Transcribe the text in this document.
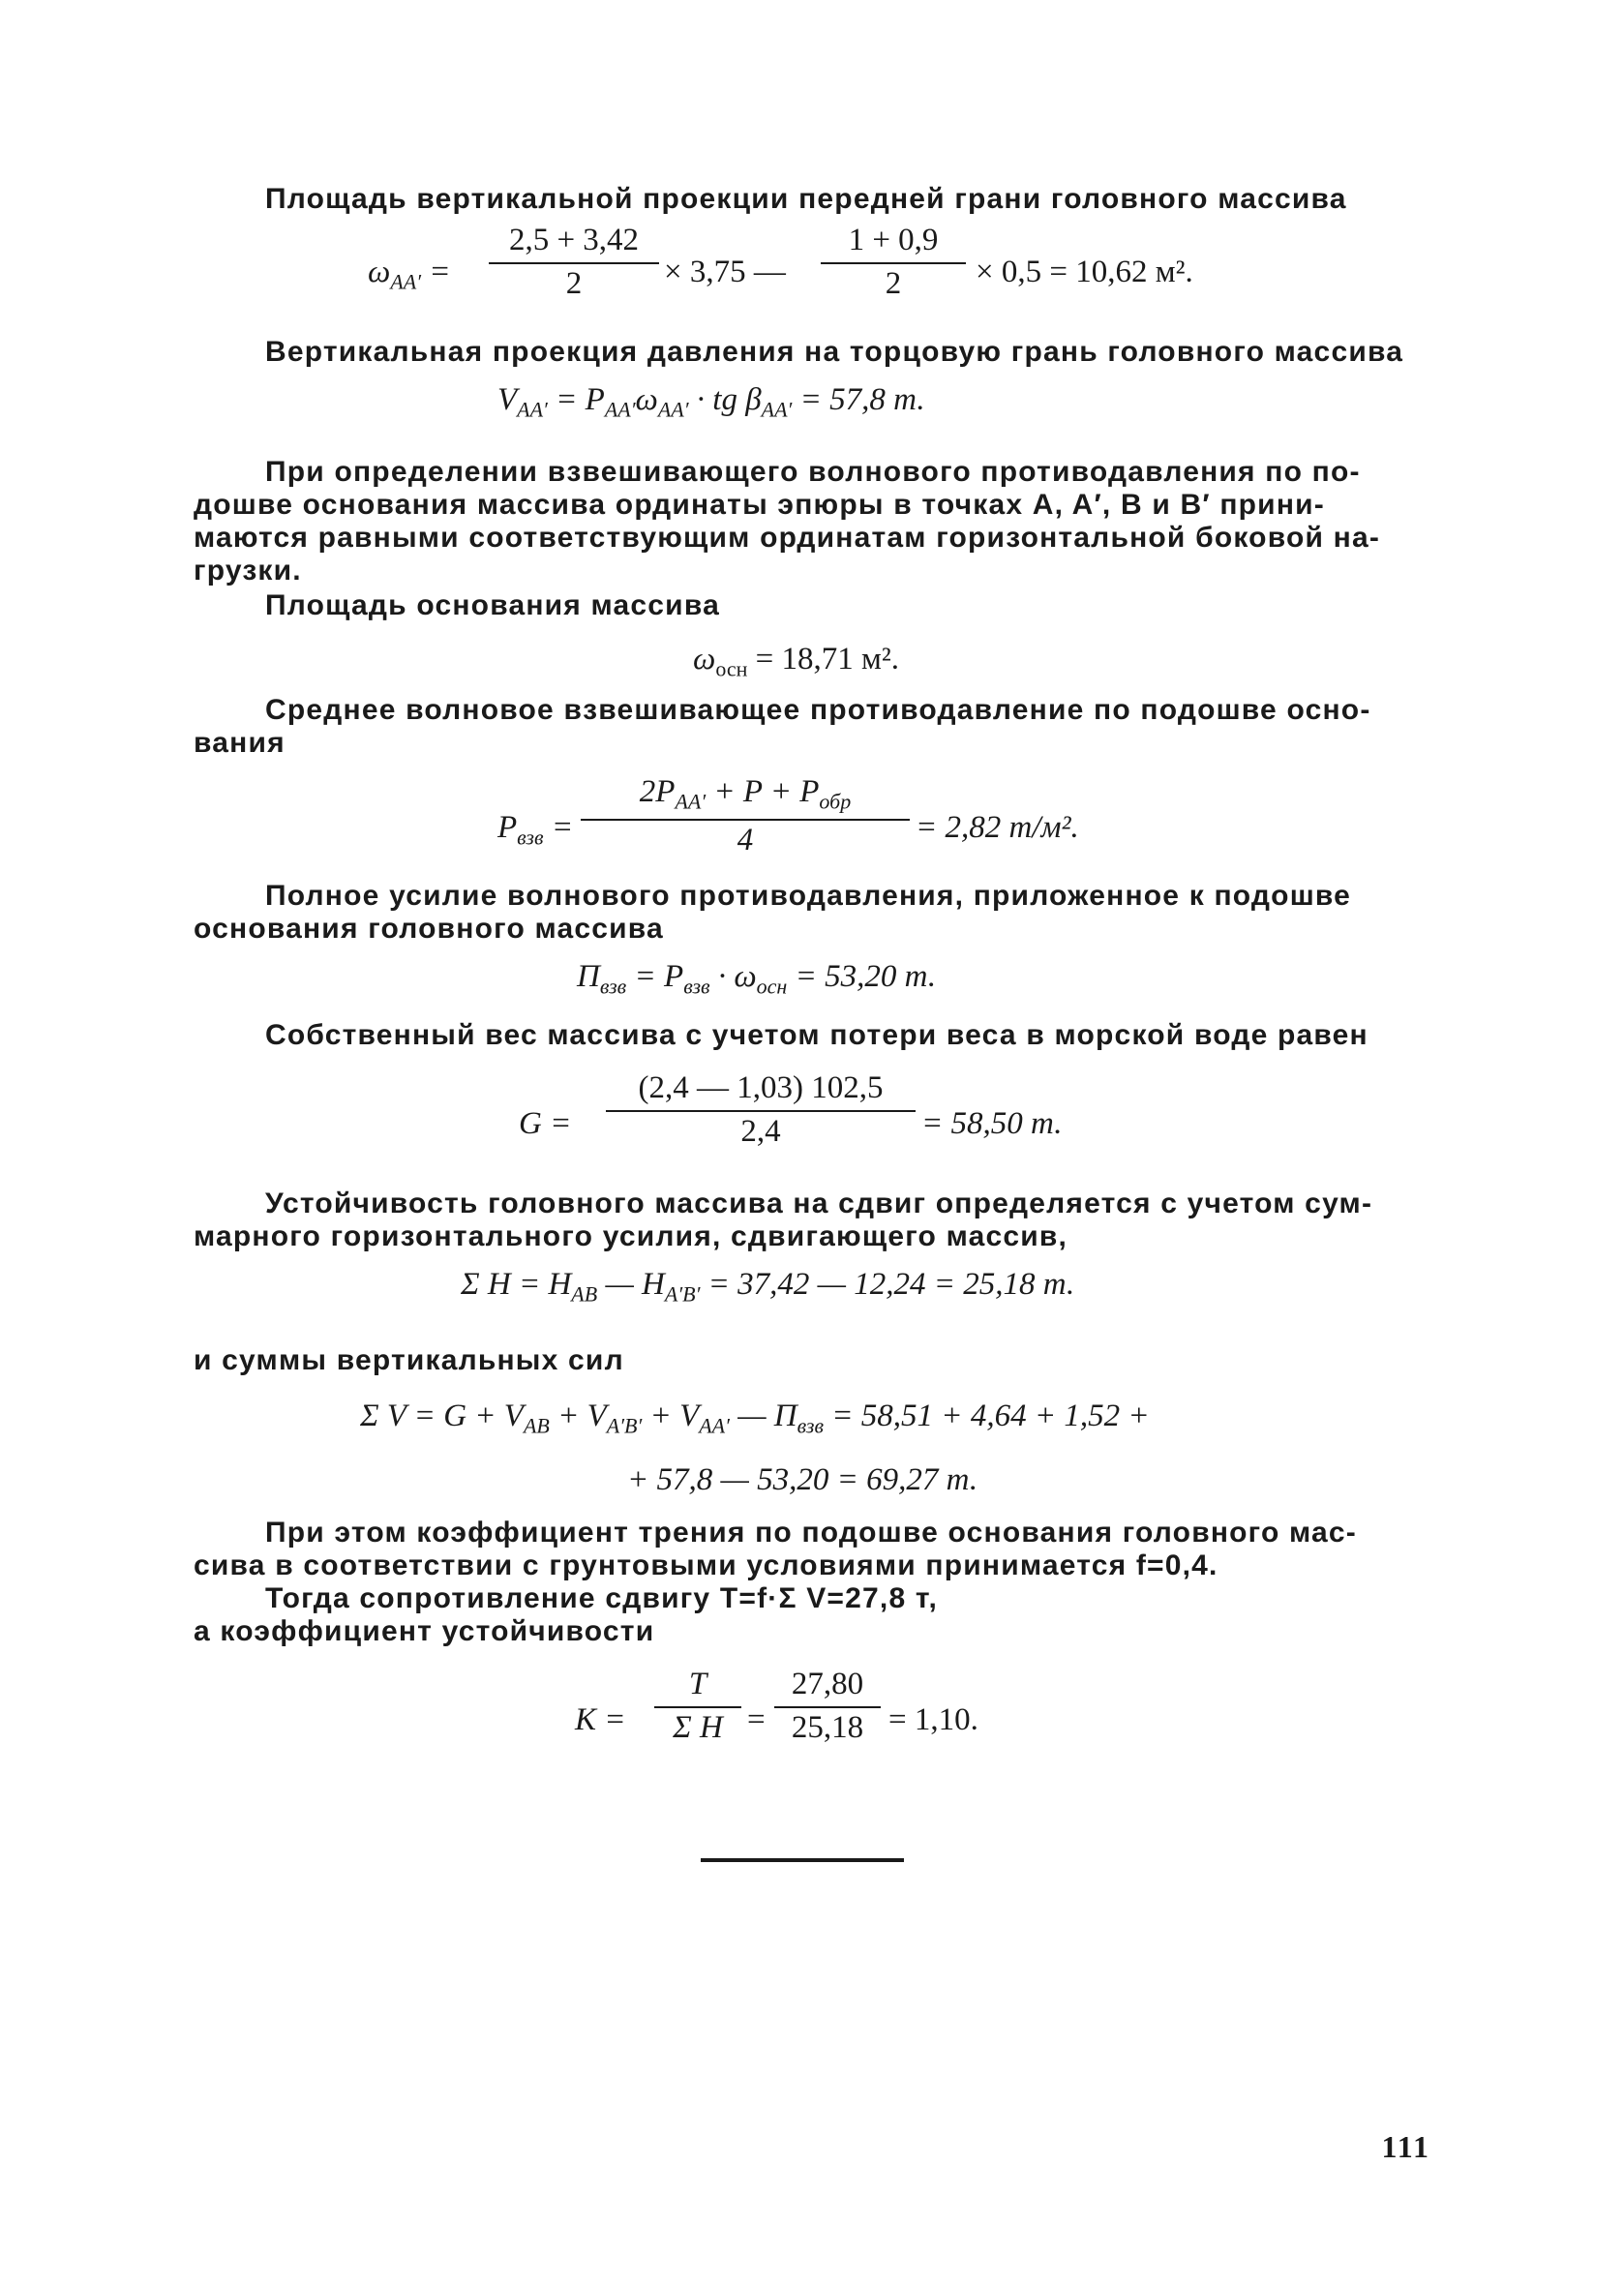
Площадь вертикальной проекции передней грани головного массива
$\omega_{AA'} = \frac{2,5 + 3,42}{2} \times 3,75$ — $\frac{1 + 0,9}{2} \times 0,5 = 10,62$ м².
Вертикальная проекция давления на торцовую грань головного массива
$V_{AA'} = P_{AA'}\omega_{AA'}$ · tg $\beta_{AA'} = 57,8$ т.
При определении взвешивающего волнового противодавления по по-
дошве основания массива ординаты эпюры в точках A, A′, B и B′ прини-
маются равными соответствующим ординатам горизонтальной боковой на-
грузки.
Площадь основания массива
$\omega_{осн} = 18,71$ м².
Среднее волновое взвешивающее противодавление по подошве осно-
вания
$P_{взв}$ =
$2P_{AA'} + P + P_{обр}$
4	= 2,82 т/м².
Полное усилие волнового противодавления, приложенное к подошве
основания головного массива
$П_{взв} = P_{взв} \cdot \omega_{осн} = 53,20$ т.
Собственный вес массива с учетом потери веса в морской воде равен
$G = \frac{(2,4 — 1,03) 102,5}{2,4} = 58,50$ т.
Устойчивость головного массива на сдвиг определяется с учетом сум-
марного горизонтального усилия, сдвигающего массив,
Σ $H = H_{AB}$ — $H_{A'B'} = 37,42$ — 12,24 = 25,18 т.
и суммы вертикальных сил
Σ $V = G + V_{AB} + V_{A'B'} + V_{AA'}$ — $П_{взв} = 58,51 + 4,64 + 1,52$ +
+ 57,8 — 53,20 = 69,27 т.
При этом коэффициент трения по подошве основания головного мас-
сива в соответствии с грунтовыми условиями принимается f=0,4.
Тогда сопротивление сдвигу T=f·Σ V=27,8 т,
а коэффициент устойчивости
$K = \frac{T}{\text{Σ H}} = \frac{27,80}{25,18} = 1,10$.
111
